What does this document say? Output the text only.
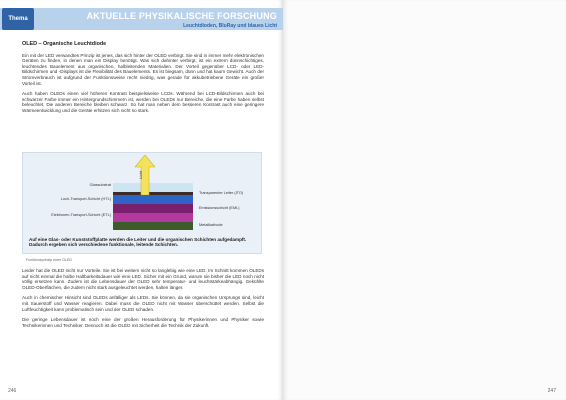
Thema	AKTUELLE PHYSIKALISCHE FORSCHUNG
Leuchtdioden, BluRay und blaues Licht
OLED – Organische Leuchtdiode

Ein mit der LED verwandtes Prinzip ist jenes, das sich hinter der OLED verbirgt. Sie sind in immer mehr elektronischen Geräten zu finden, in denen man ein Display benötigt. Was sich dahinter verbirgt, ist ein extrem dünnschichtiges, leuchtendes Bauelement aus organischen, halbleitenden Materialien. Der Vorteil gegenüber LCD- oder LED-Bildschirmen und -Displays ist die Flexibilität des Bauelements. Es ist biegsam, dünn und hat kaum Gewicht. Auch der Stromverbrauch ist aufgrund der Funktionsweise recht niedrig, was gerade für akkubetriebene Geräte ein großer Vorteil ist.

Auch haben OLEDs einen viel höheren Kontrast beispielsweise LCDs. Während bei LCD-Bildschirmen auch bei schwarzer Farbe immer ein Hintergrundschimmern ist, werden bei OLEDs nur Bereiche, die eine Farbe haben selbst beleuchtet. Die anderen Bereiche bleiben schwarz. So hat man neben dem besseren Kontrast auch eine geringere Wärmeentwicklung und die Geräte erhitzen sich nicht so stark.

Licht
Glassubstrat
Loch-Transport-Schicht (HTL)
Elektronen-Transport-Schicht (ETL)
Transparenter Leiter (ITO)
Emissionsschicht (EML)
Metallkathode
Auf eine Glas- oder Kunststoffplatte werden die Leiter und die organischen Schichten aufgedampft. Dadurch ergeben sich verschiedene funktionale, leitende Schichten.
Funktionsprinzip einer OLED

Leider hat die OLED nicht nur Vorteile. Sie ist bei weitem nicht so langlebig wie eine LED. Im Schnitt kommen OLEDs auf nicht einmal die halbe Haltbarkeitsdauer wie eine LED. Sicher mit ein Grund, warum sie bisher die LED noch nicht völlig ersetzen kann. Zudem ist die Lebensdauer der OLED sehr temperatur- und leuchtstärkeabhängig. Gekühlte OLED-Oberflächen, die zudem nicht stark ausgeleuchtet werden, halten länger.

Auch in chemischer Hinsicht sind OLEDs anfälliger als LEDs. Sie können, da sie organischen Ursprungs sind, leicht mit Sauerstoff und Wasser reagieren. Dabei muss die OLED nicht mit Wasser überschüttet werden. Selbst die Luftfeuchtigkeit kann problematisch sein und der OLED schaden.

Die geringe Lebensdauer ist noch eine der großen Herausforderung für Physikerinnen und Physiker sowie Technikerinnen und Techniker. Dennoch ist die OLED mit Sicherheit die Technik der Zukunft.

246	247
